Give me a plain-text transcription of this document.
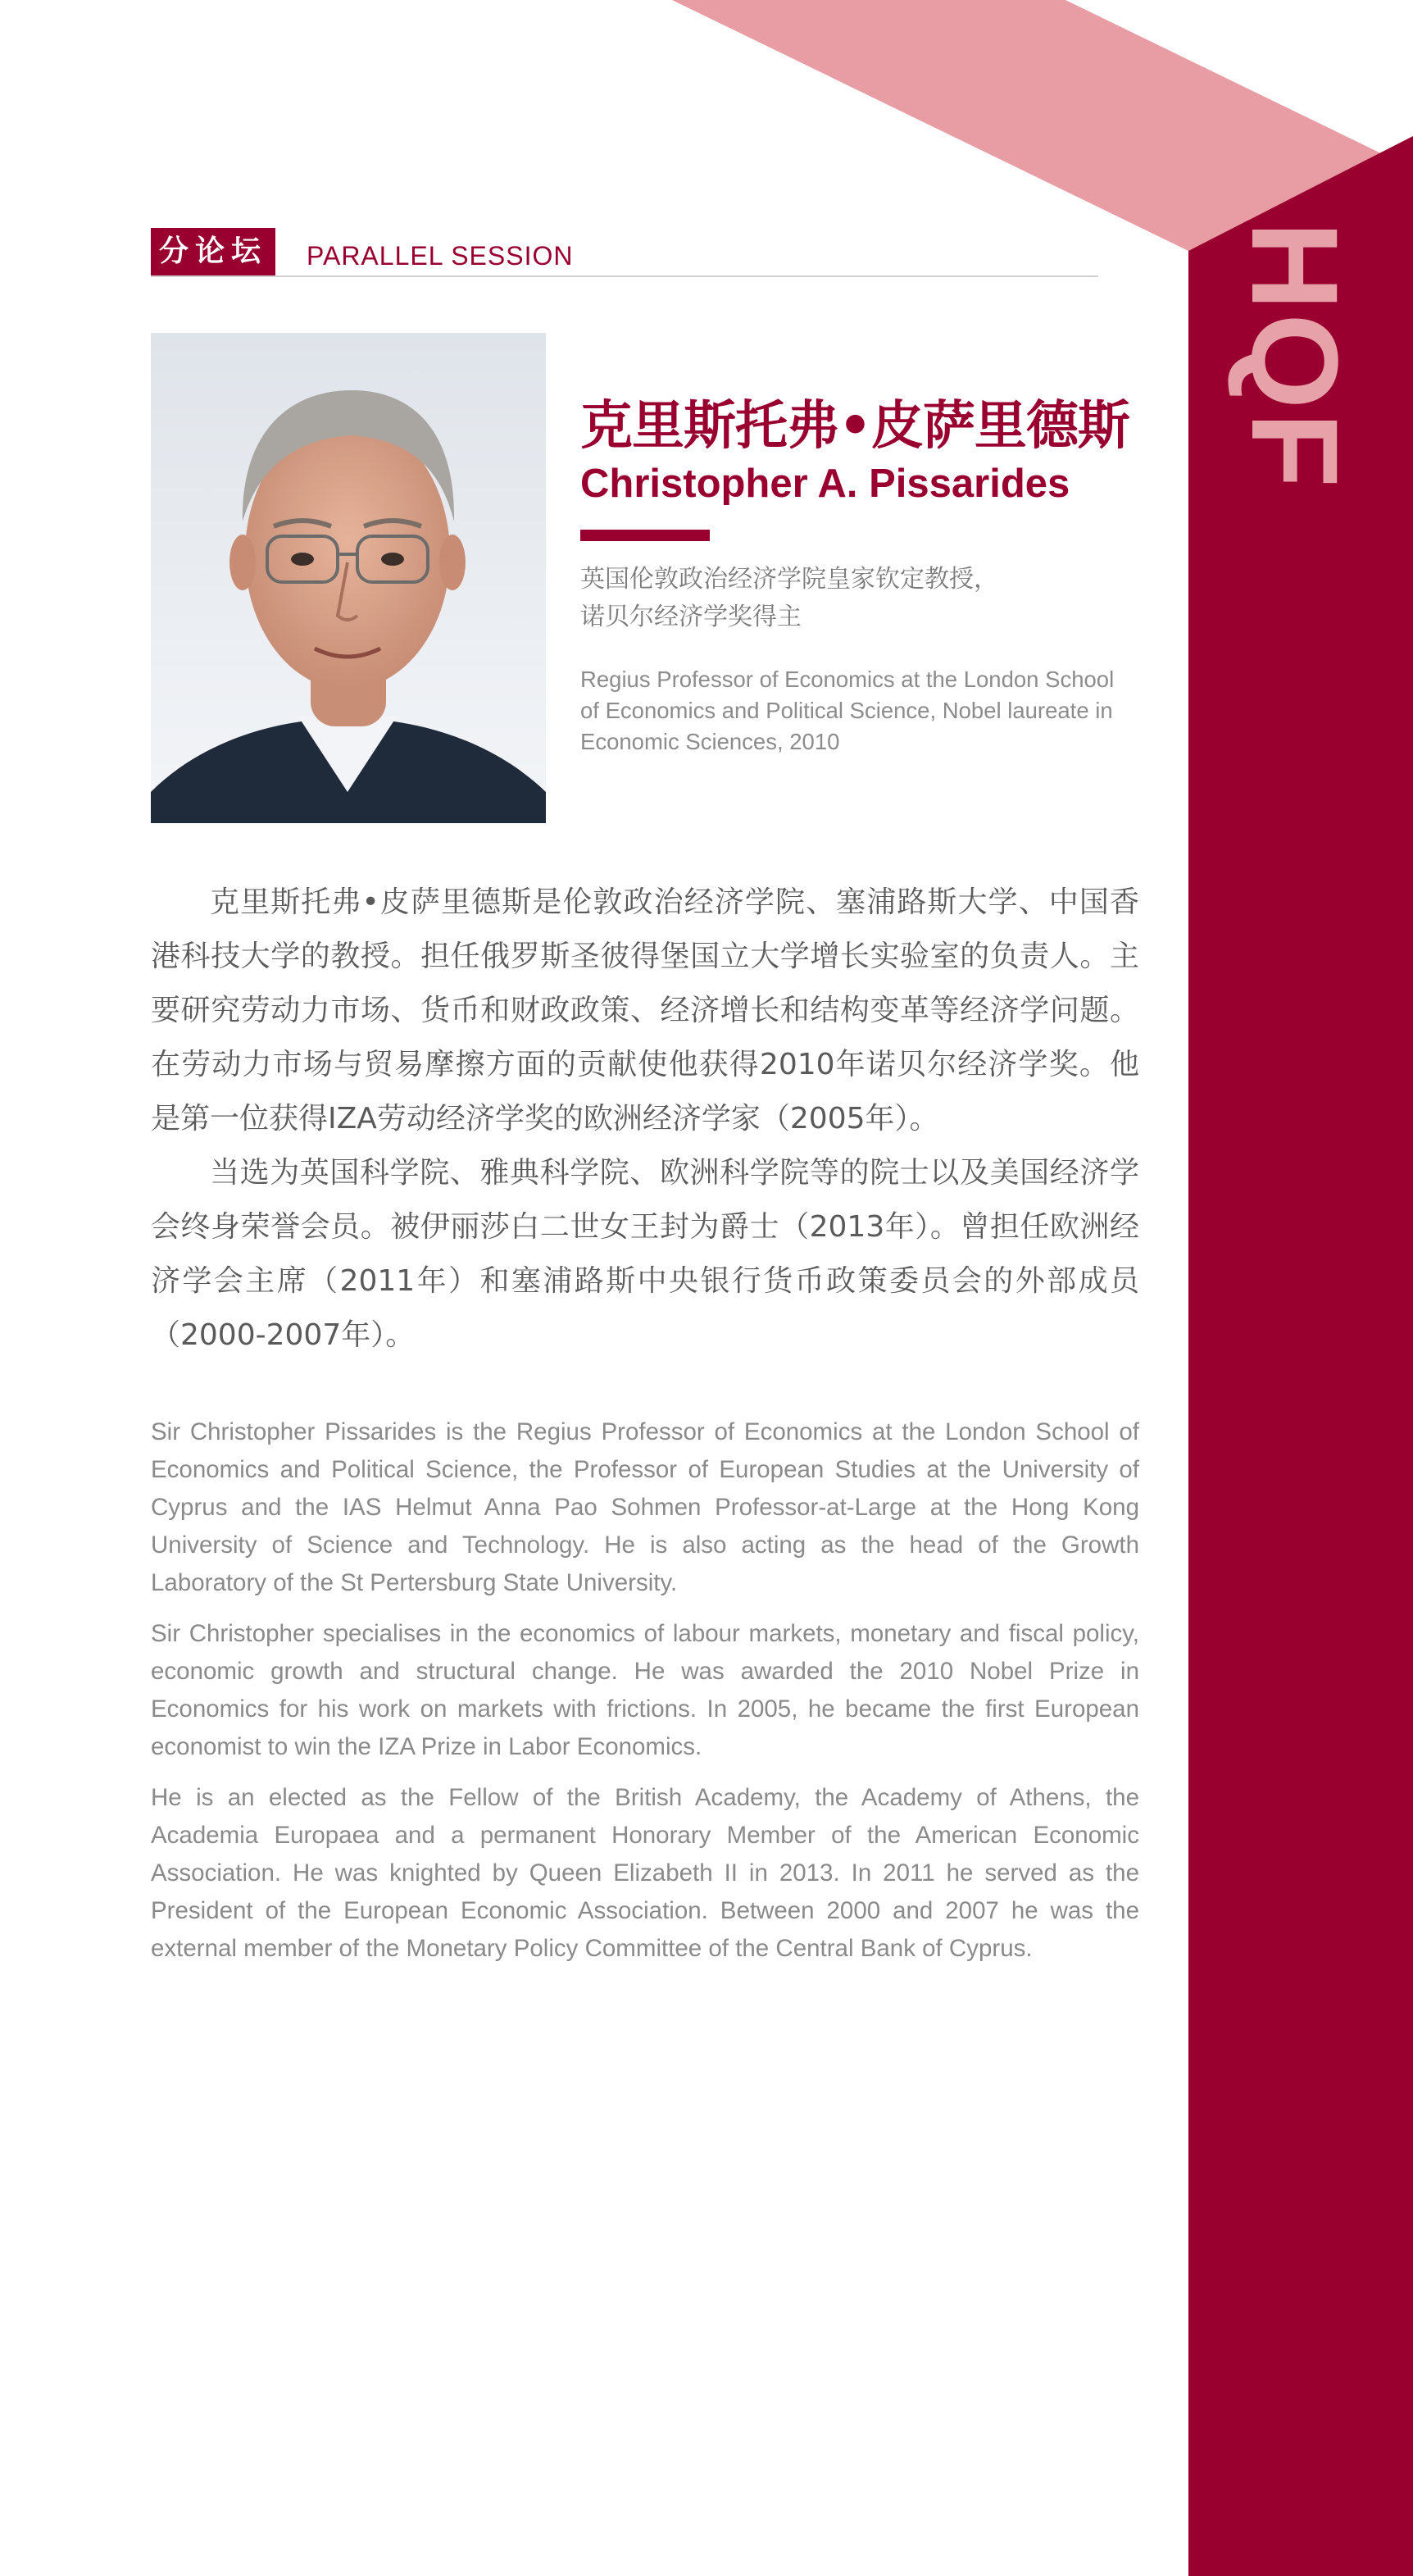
HQF
分论坛	PARALLEL SESSION
克里斯托弗•皮萨里德斯
Christopher A. Pissarides
英国伦敦政治经济学院皇家钦定教授，
诺贝尔经济学奖得主
Regius Professor of Economics at the London School of Economics and Political Science, Nobel laureate in Economic Sciences, 2010

克里斯托弗•皮萨里德斯是伦敦政治经济学院、塞浦路斯大学、中国香港科技大学的教授。担任俄罗斯圣彼得堡国立大学增长实验室的负责人。主要研究劳动力市场、货币和财政政策、经济增长和结构变革等经济学问题。在劳动力市场与贸易摩擦方面的贡献使他获得2010年诺贝尔经济学奖。他是第一位获得IZA劳动经济学奖的欧洲经济学家（2005年）。

当选为英国科学院、雅典科学院、欧洲科学院等的院士以及美国经济学会终身荣誉会员。被伊丽莎白二世女王封为爵士（2013年）。曾担任欧洲经济学会主席（2011年）和塞浦路斯中央银行货币政策委员会的外部成员（2000-2007年）。

Sir Christopher Pissarides is the Regius Professor of Economics at the London School of Economics and Political Science, the Professor of European Studies at the University of Cyprus and the IAS Helmut Anna Pao Sohmen Professor-at-Large at the Hong Kong University of Science and Technology. He is also acting as the head of the Growth Laboratory of the St Pertersburg State University.

Sir Christopher specialises in the economics of labour markets, monetary and fiscal policy, economic growth and structural change. He was awarded the 2010 Nobel Prize in Economics for his work on markets with frictions. In 2005, he became the first European economist to win the IZA Prize in Labor Economics.

He is an elected as the Fellow of the British Academy, the Academy of Athens, the Academia Europaea and a permanent Honorary Member of the American Economic Association. He was knighted by Queen Elizabeth II in 2013. In 2011 he served as the President of the European Economic Association. Between 2000 and 2007 he was the external member of the Monetary Policy Committee of the Central Bank of Cyprus.
